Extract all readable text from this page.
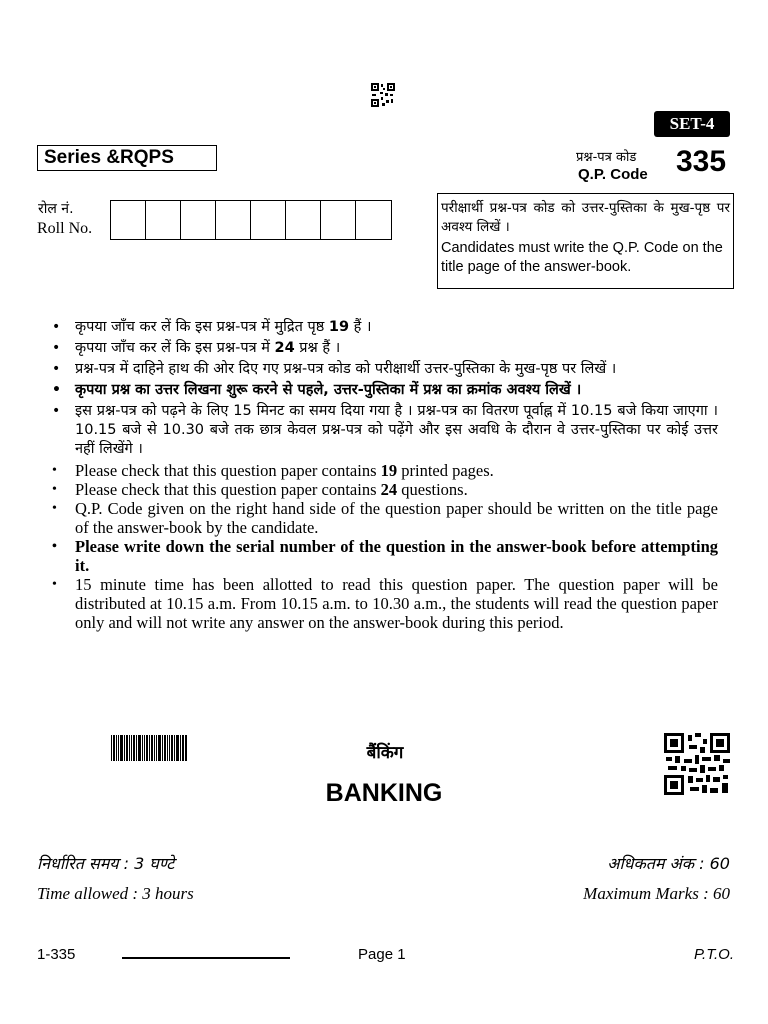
SET-4
Series &RQPS	प्रश्न-पत्र कोड
Q.P. Code 335
रोल नं.
Roll No.
परीक्षार्थी प्रश्न-पत्र कोड को उत्तर-पुस्तिका के मुख-पृष्ठ पर अवश्य लिखें ।
Candidates must write the Q.P. Code on the title page of the answer-book.
• कृपया जाँच कर लें कि इस प्रश्न-पत्र में मुद्रित पृष्ठ 19 हैं ।
• कृपया जाँच कर लें कि इस प्रश्न-पत्र में 24 प्रश्न हैं ।
• प्रश्न-पत्र में दाहिने हाथ की ओर दिए गए प्रश्न-पत्र कोड को परीक्षार्थी उत्तर-पुस्तिका के मुख-पृष्ठ पर लिखें ।
• कृपया प्रश्न का उत्तर लिखना शुरू करने से पहले, उत्तर-पुस्तिका में प्रश्न का क्रमांक अवश्य लिखें ।
• इस प्रश्न-पत्र को पढ़ने के लिए 15 मिनट का समय दिया गया है । प्रश्न-पत्र का वितरण पूर्वाह्न में 10.15 बजे किया जाएगा । 10.15 बजे से 10.30 बजे तक छात्र केवल प्रश्न-पत्र को पढ़ेंगे और इस अवधि के दौरान वे उत्तर-पुस्तिका पर कोई उत्तर नहीं लिखेंगे ।
• Please check that this question paper contains 19 printed pages.
• Please check that this question paper contains 24 questions.
• Q.P. Code given on the right hand side of the question paper should be written on the title page of the answer-book by the candidate.
• Please write down the serial number of the question in the answer-book before attempting it.
• 15 minute time has been allotted to read this question paper. The question paper will be distributed at 10.15 a.m. From 10.15 a.m. to 10.30 a.m., the students will read the question paper only and will not write any answer on the answer-book during this period.
बैंकिंग
BANKING
निर्धारित समय : 3 घण्टे
Time allowed : 3 hours
अधिकतम अंक : 60
Maximum Marks : 60
1-335	Page 1	P.T.O.
